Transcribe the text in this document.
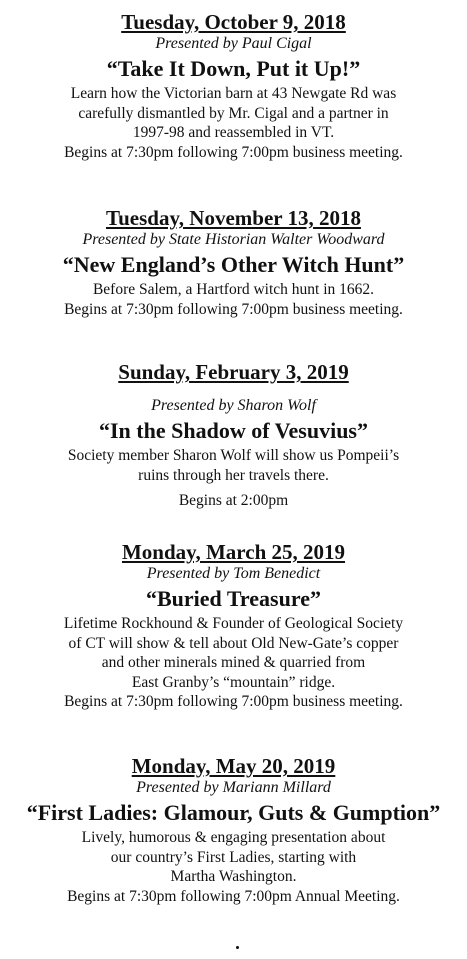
Tuesday, October 9, 2018
Presented by Paul Cigal
“Take It Down, Put it Up!”
Learn how the Victorian barn at 43 Newgate Rd was
carefully dismantled by Mr. Cigal and a partner in
1997-98 and reassembled in VT.
Begins at 7:30pm following 7:00pm business meeting.
Tuesday, November 13, 2018
Presented by State Historian Walter Woodward
“New England’s Other Witch Hunt”
Before Salem, a Hartford witch hunt in 1662.
Begins at 7:30pm following 7:00pm business meeting.
Sunday, February 3, 2019
Presented by Sharon Wolf
“In the Shadow of Vesuvius”
Society member Sharon Wolf will show us Pompeii’s
ruins through her travels there.
Begins at 2:00pm
Monday, March 25, 2019
Presented by Tom Benedict
“Buried Treasure”
Lifetime Rockhound & Founder of Geological Society
of CT will show & tell about Old New-Gate’s copper
and other minerals mined & quarried from
East Granby’s “mountain” ridge.
Begins at 7:30pm following 7:00pm business meeting.
Monday, May 20, 2019
Presented by Mariann Millard
“First Ladies: Glamour, Guts & Gumption”
Lively, humorous & engaging presentation about
our country’s First Ladies, starting with
Martha Washington.
Begins at 7:30pm following 7:00pm Annual Meeting.
